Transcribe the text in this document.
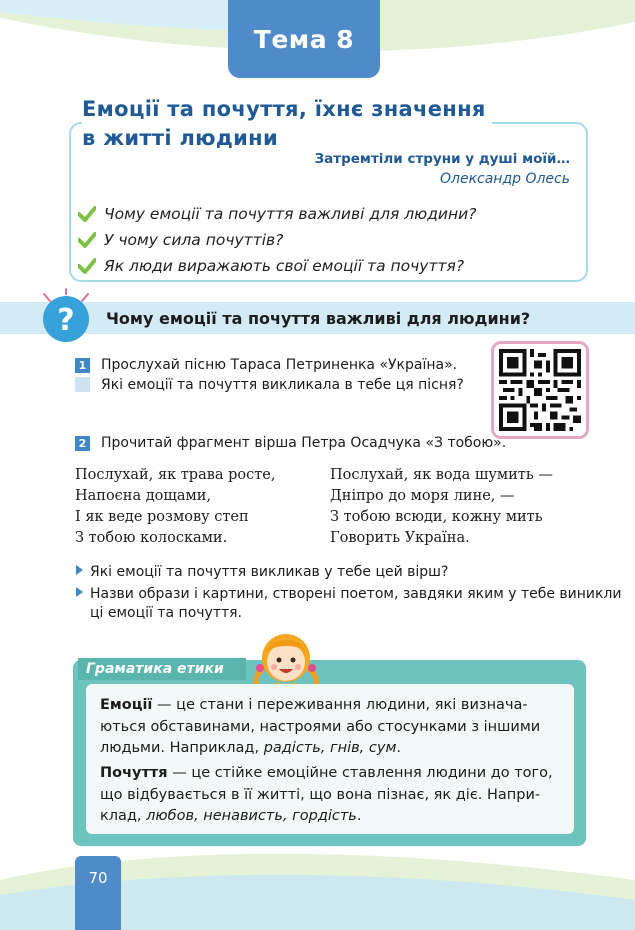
Тема 8
Емоції та почуття, їхнє значення
в житті людини
Затремтіли струни у душі моїй…
Олександр Олесь
Чому емоції та почуття важливі для людини?
У чому сила почуттів?
Як люди виражають свої емоції та почуття?
? Чому емоції та почуття важливі для людини?
1 Прослухай пісню Тараса Петриненка «Україна».
Які емоції та почуття викликала в тебе ця пісня?
2 Прочитай фрагмент вірша Петра Осадчука «З тобою».
Послухай, як трава росте,
Напоєна дощами,
І як веде розмову степ
З тобою колосками.
Послухай, як вода шумить —
Дніпро до моря лине, —
З тобою всюди, кожну мить
Говорить Україна.
Які емоції та почуття викликав у тебе цей вірш?
Назви образи і картини, створені поетом, завдяки яким у тебе виникли
ці емоції та почуття.
Граматика етики
Емоції — це стани і переживання людини, які визнача-
ються обставинами, настроями або стосунками з іншими
людьми. Наприклад, радість, гнів, сум.
Почуття — це стійке емоційне ставлення людини до того,
що відбувається в її житті, що вона пізнає, як діє. Напри-
клад, любов, ненависть, гордість.
70
